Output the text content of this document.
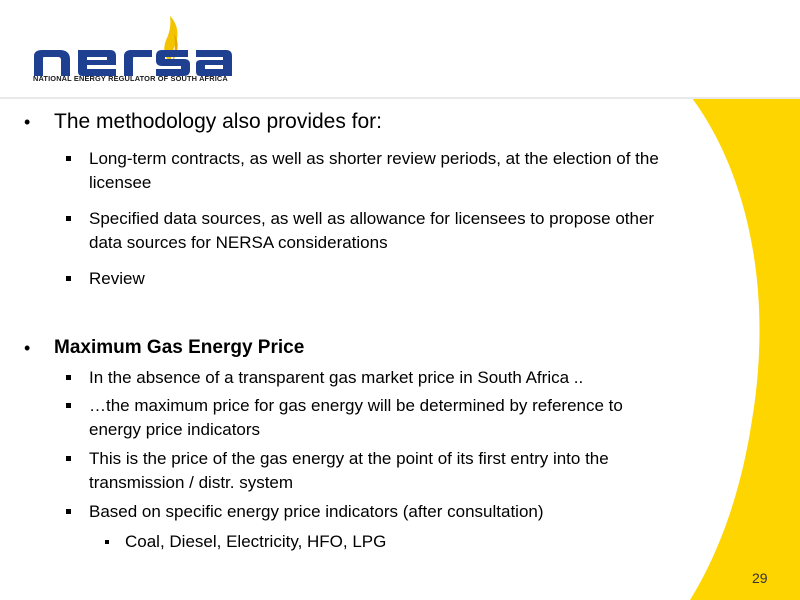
NATIONAL ENERGY REGULATOR OF SOUTH AFRICA
• The methodology also provides for:
Long-term contracts, as well as shorter review periods, at the election of the
licensee
Specified data sources, as well as allowance for licensees to propose other
data sources for NERSA considerations
Review
• Maximum Gas Energy Price
In the absence of a transparent gas market price in South Africa ..
…the maximum price for gas energy will be determined by reference to
energy price indicators
This is the price of the gas energy at the point of its first entry into the
transmission / distr. system
Based on specific energy price indicators (after consultation)
Coal, Diesel, Electricity, HFO, LPG
29
